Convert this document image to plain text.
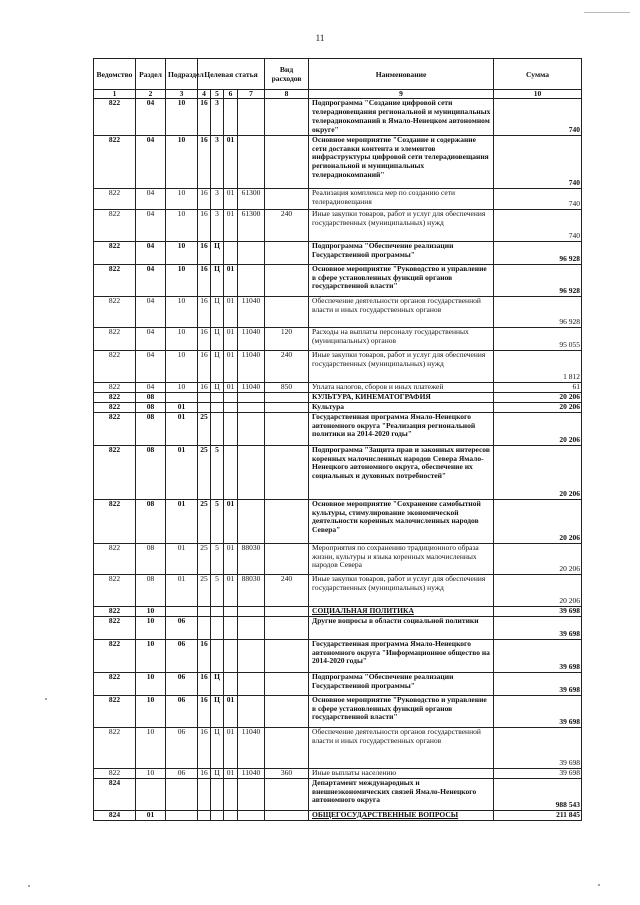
11
Ведомство	Раздел	Подраздел	Целевая статья				Вид расходов	Наименование	Сумма
1	2	3	4	5	6	7	8	9	10
822	04	10	16	3				Подпрограмма "Создание цифровой сети телерадиовещания региональной и муниципальных телерадиокомпаний в Ямало-Ненецком автономном округе"	740
822	04	10	16	3	01			Основное мероприятие "Создание и содержание сети доставки контента и элементов инфраструктуры цифровой сети телерадиовещания региональной и муниципальных телерадиокомпаний"	740
822	04	10	16	3	01	61300		Реализация комплекса мер по созданию сети телерадиовещания	740
822	04	10	16	3	01	61300	240	Иные закупки товаров, работ и услуг для обеспечения государственных (муниципальных) нужд	740
822	04	10	16	Ц				Подпрограмма "Обеспечение реализации Государственной программы"	96 928
822	04	10	16	Ц	01			Основное мероприятие "Руководство и управление в сфере установленных функций органов государственной власти"	96 928
822	04	10	16	Ц	01	11040		Обеспечение деятельности органов государственной власти и иных государственных органов	96 928
822	04	10	16	Ц	01	11040	120	Расходы на выплаты персоналу государственных (муниципальных) органов	95 055
822	04	10	16	Ц	01	11040	240	Иные закупки товаров, работ и услуг для обеспечения государственных (муниципальных) нужд	1 812
822	04	10	16	Ц	01	11040	850	Уплата налогов, сборов и иных платежей	61
822	08							КУЛЬТУРА, КИНЕМАТОГРАФИЯ	20 206
822	08	01						Культура	20 206
822	08	01	25					Государственная программа Ямало-Ненецкого автономного округа "Реализация региональной политики на 2014-2020 годы"	20 206
822	08	01	25	5				Подпрограмма "Защита прав и законных интересов коренных малочисленных народов Севера Ямало-Ненецкого автономного округа, обеспечение их социальных и духовных потребностей"	20 206
822	08	01	25	5	01			Основное мероприятие "Сохранение самобытной культуры, стимулирование экономической деятельности коренных малочисленных народов Севера"	20 206
822	08	01	25	5	01	88030		Мероприятия по сохранению традиционного образа жизни, культуры и языка коренных малочисленных народов Севера	20 206
822	08	01	25	5	01	88030	240	Иные закупки товаров, работ и услуг для обеспечения государственных (муниципальных) нужд	20 206
822	10							СОЦИАЛЬНАЯ ПОЛИТИКА	39 698
822	10	06						Другие вопросы в области социальной политики	39 698
822	10	06	16					Государственная программа Ямало-Ненецкого автономного округа "Информационное общество на 2014-2020 годы"	39 698
822	10	06	16	Ц				Подпрограмма "Обеспечение реализации Государственной программы"	39 698
822	10	06	16	Ц	01			Основное мероприятие "Руководство и управление в сфере установленных функций органов государственной власти"	39 698
822	10	06	16	Ц	01	11040		Обеспечение деятельности органов государственной власти и иных государственных органов	39 698
822	10	06	16	Ц	01	11040	360	Иные выплаты населению	39 698
824								Департамент международных и внешнеэкономических связей Ямало-Ненецкого автономного округа	988 543
824	01							ОБЩЕГОСУДАРСТВЕННЫЕ ВОПРОСЫ	211 845
